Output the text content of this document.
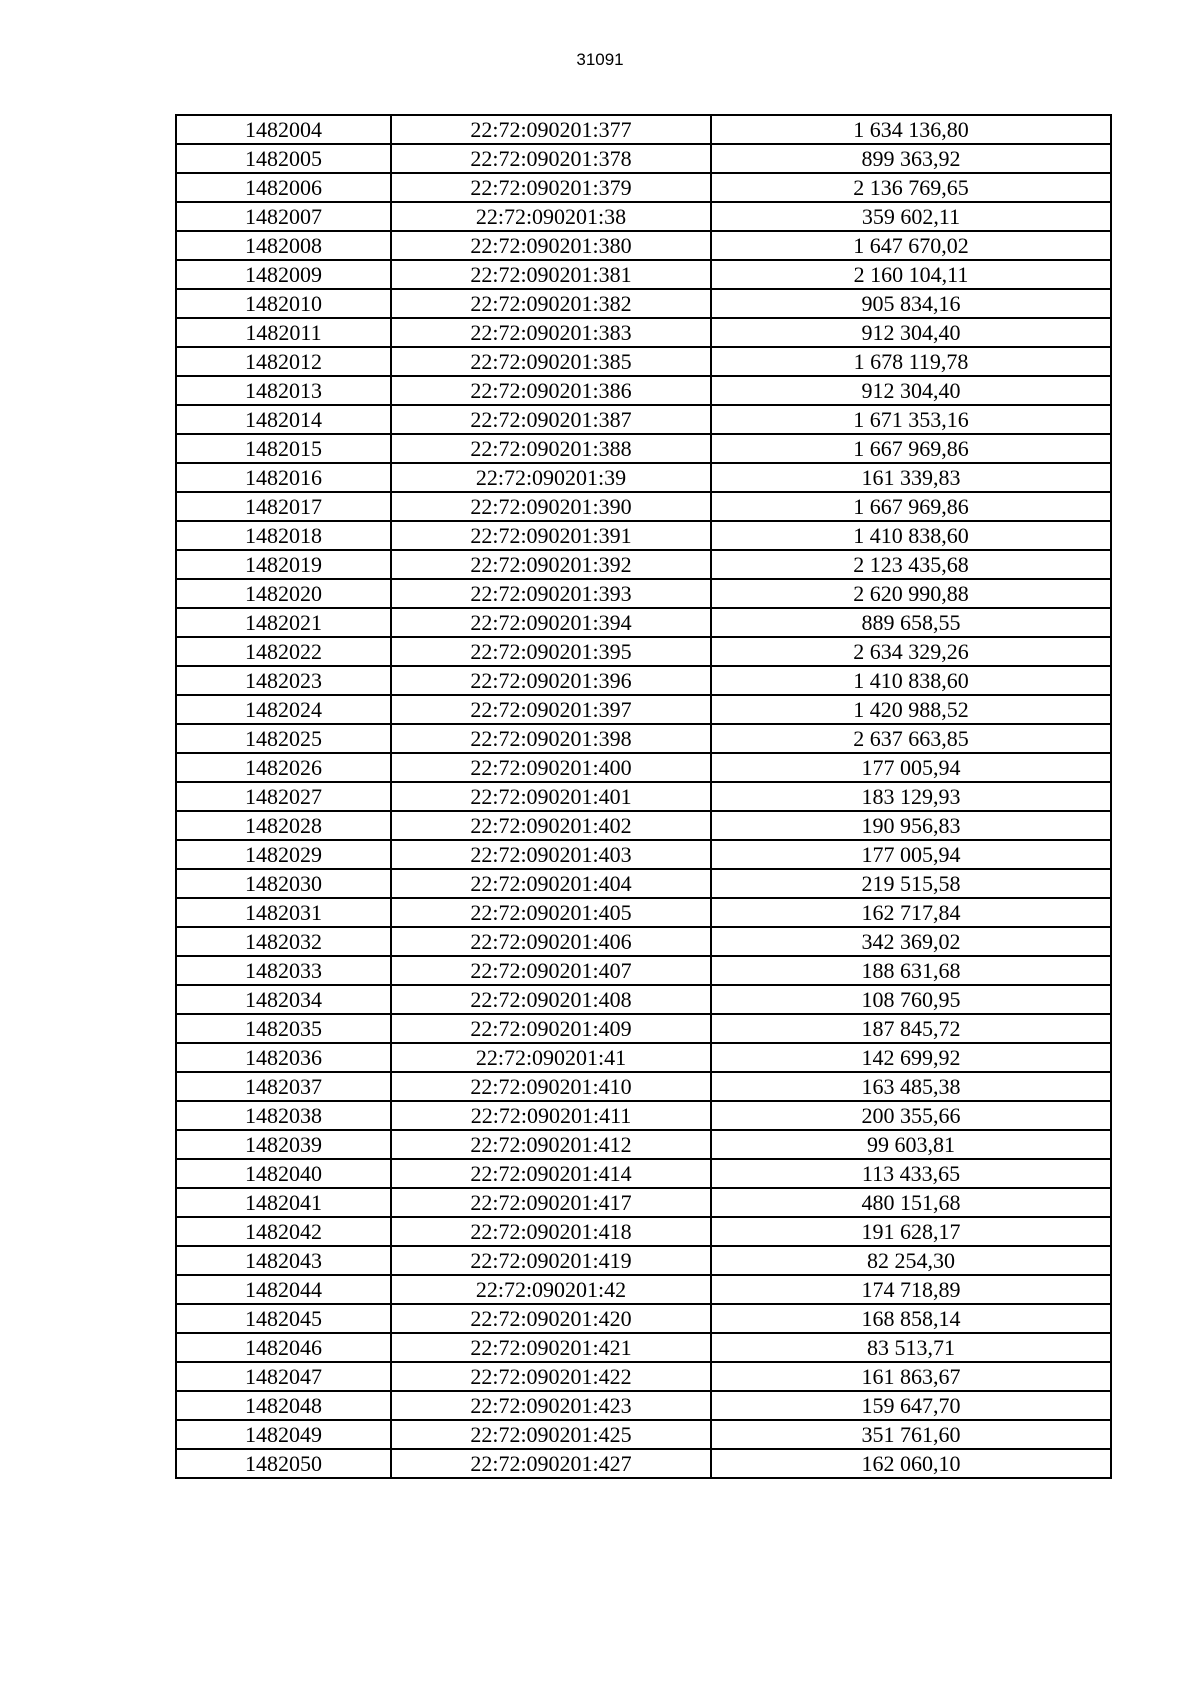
31091
1482004	22:72:090201:377	1 634 136,80
1482005	22:72:090201:378	899 363,92
1482006	22:72:090201:379	2 136 769,65
1482007	22:72:090201:38	359 602,11
1482008	22:72:090201:380	1 647 670,02
1482009	22:72:090201:381	2 160 104,11
1482010	22:72:090201:382	905 834,16
1482011	22:72:090201:383	912 304,40
1482012	22:72:090201:385	1 678 119,78
1482013	22:72:090201:386	912 304,40
1482014	22:72:090201:387	1 671 353,16
1482015	22:72:090201:388	1 667 969,86
1482016	22:72:090201:39	161 339,83
1482017	22:72:090201:390	1 667 969,86
1482018	22:72:090201:391	1 410 838,60
1482019	22:72:090201:392	2 123 435,68
1482020	22:72:090201:393	2 620 990,88
1482021	22:72:090201:394	889 658,55
1482022	22:72:090201:395	2 634 329,26
1482023	22:72:090201:396	1 410 838,60
1482024	22:72:090201:397	1 420 988,52
1482025	22:72:090201:398	2 637 663,85
1482026	22:72:090201:400	177 005,94
1482027	22:72:090201:401	183 129,93
1482028	22:72:090201:402	190 956,83
1482029	22:72:090201:403	177 005,94
1482030	22:72:090201:404	219 515,58
1482031	22:72:090201:405	162 717,84
1482032	22:72:090201:406	342 369,02
1482033	22:72:090201:407	188 631,68
1482034	22:72:090201:408	108 760,95
1482035	22:72:090201:409	187 845,72
1482036	22:72:090201:41	142 699,92
1482037	22:72:090201:410	163 485,38
1482038	22:72:090201:411	200 355,66
1482039	22:72:090201:412	99 603,81
1482040	22:72:090201:414	113 433,65
1482041	22:72:090201:417	480 151,68
1482042	22:72:090201:418	191 628,17
1482043	22:72:090201:419	82 254,30
1482044	22:72:090201:42	174 718,89
1482045	22:72:090201:420	168 858,14
1482046	22:72:090201:421	83 513,71
1482047	22:72:090201:422	161 863,67
1482048	22:72:090201:423	159 647,70
1482049	22:72:090201:425	351 761,60
1482050	22:72:090201:427	162 060,10
